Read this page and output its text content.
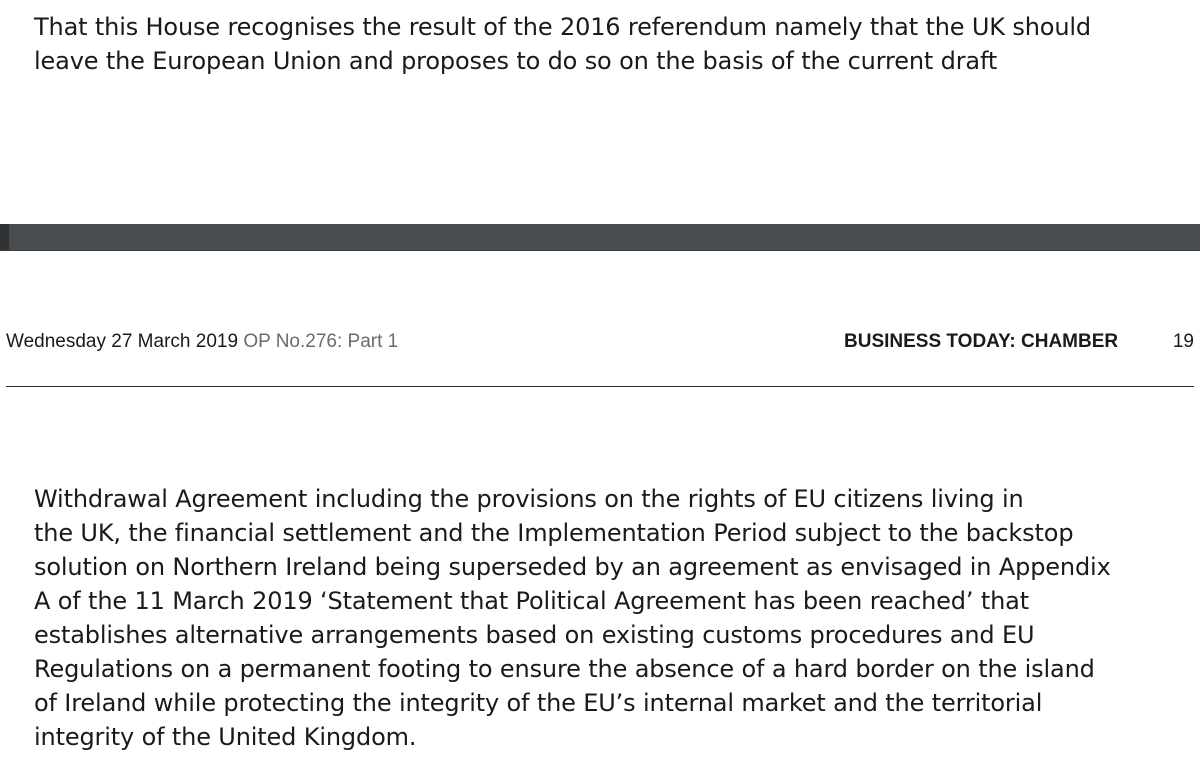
That this House recognises the result of the 2016 referendum namely that the UK should
leave the European Union and proposes to do so on the basis of the current draft
Wednesday 27 March 2019 OP No.276: Part 1	BUSINESS TODAY: CHAMBER	19
Withdrawal Agreement including the provisions on the rights of EU citizens living in
the UK, the financial settlement and the Implementation Period subject to the backstop
solution on Northern Ireland being superseded by an agreement as envisaged in Appendix
A of the 11 March 2019 ‘Statement that Political Agreement has been reached’ that
establishes alternative arrangements based on existing customs procedures and EU
Regulations on a permanent footing to ensure the absence of a hard border on the island
of Ireland while protecting the integrity of the EU’s internal market and the territorial
integrity of the United Kingdom.
